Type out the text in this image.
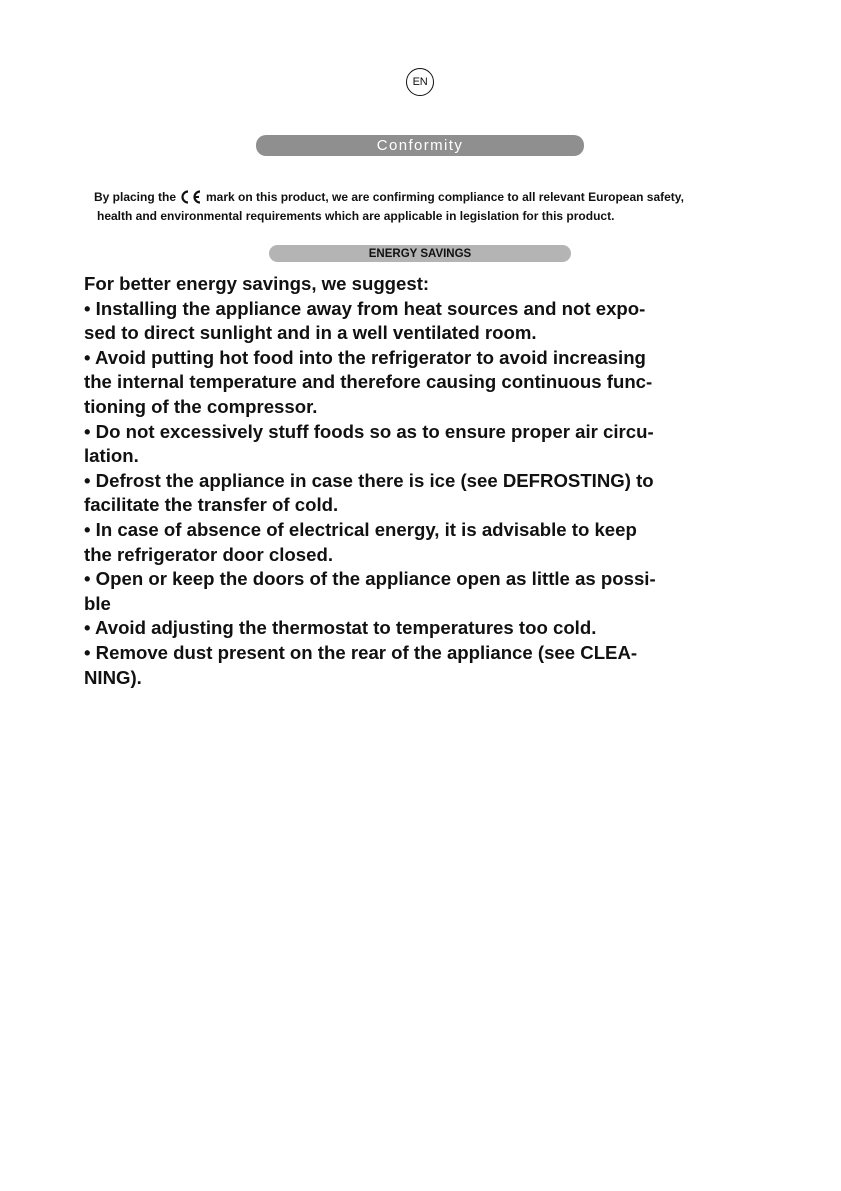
EN
Conformity
By placing the	mark on this product, we are confirming compliance to all relevant European safety,
health and environmental requirements which are applicable in legislation for this product.
ENERGY SAVINGS
For better energy savings, we suggest:
• Installing the appliance away from heat sources and not expo-
sed to direct sunlight and in a well ventilated room.
• Avoid putting hot food into the refrigerator to avoid increasing
the internal temperature and therefore causing continuous func-
tioning of the compressor.
• Do not excessively stuff foods so as to ensure proper air circu-
lation.
• Defrost the appliance in case there is ice (see DEFROSTING) to
facilitate the transfer of cold.
• In case of absence of electrical energy, it is advisable to keep
the refrigerator door closed.
• Open or keep the doors of the appliance open as little as possi-
ble
• Avoid adjusting the thermostat to temperatures too cold.
• Remove dust present on the rear of the appliance (see CLEA-
NING).
